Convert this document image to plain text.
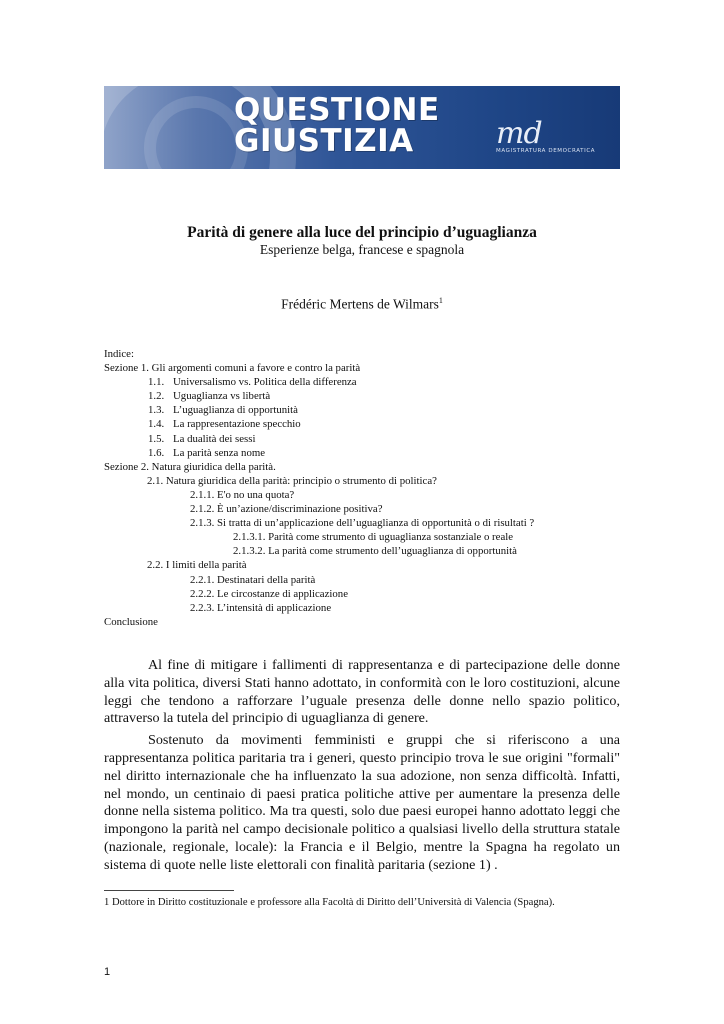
QUESTIONE
GIUSTIZIA	md
MAGISTRATURA DEMOCRATICA
Parità di genere alla luce del principio d’uguaglianza
Esperienze belga, francese e spagnola
Frédéric Mertens de Wilmars$^1$
Indice:
Sezione 1. Gli argomenti comuni a favore e contro la parità
1.1. Universalismo vs. Politica della differenza
1.2. Uguaglianza vs libertà
1.3. L’uguaglianza di opportunità
1.4. La rappresentazione specchio
1.5. La dualità dei sessi
1.6. La parità senza nome
Sezione 2. Natura giuridica della parità.
2.1. Natura giuridica della parità: principio o strumento di politica?
2.1.1. E'o no una quota?
2.1.2. È un’azione/discriminazione positiva?
2.1.3. Si tratta di un’applicazione dell’uguaglianza di opportunità o di risultati ?
2.1.3.1. Parità come strumento di uguaglianza sostanziale o reale
2.1.3.2. La parità come strumento dell’uguaglianza di opportunità
2.2. I limiti della parità
2.2.1. Destinatari della parità
2.2.2. Le circostanze di applicazione
2.2.3. L’intensità di applicazione
Conclusione

Al fine di mitigare i fallimenti di rappresentanza e di partecipazione delle donne alla vita politica, diversi Stati hanno adottato, in conformità con le loro costituzioni, alcune leggi che tendono a rafforzare l’uguale presenza delle donne nello spazio politico, attraverso la tutela del principio di uguaglianza di genere.

Sostenuto da movimenti femministi e gruppi che si riferiscono a una rappresentanza politica paritaria tra i generi, questo principio trova le sue origini "formali" nel diritto internazionale che ha influenzato la sua adozione, non senza difficoltà. Infatti, nel mondo, un centinaio di paesi pratica politiche attive per aumentare la presenza delle donne nella sistema politico. Ma tra questi, solo due paesi europei hanno adottato leggi che impongono la parità nel campo decisionale politico a qualsiasi livello della struttura statale (nazionale, regionale, locale): la Francia e il Belgio, mentre la Spagna ha regolato un sistema di quote nelle liste elettorali con finalità paritaria (sezione 1) .

1 Dottore in Diritto costituzionale e professore alla Facoltà di Diritto dell’Università di Valencia (Spagna).
1
